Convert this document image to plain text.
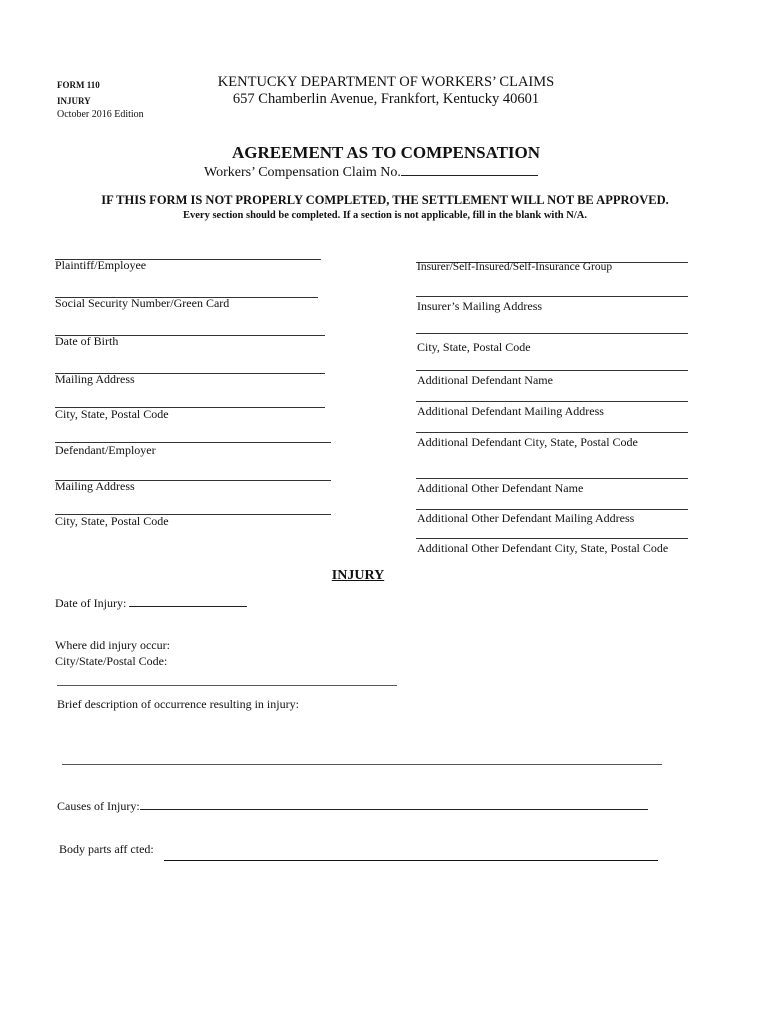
FORM 110
INJURY
October 2016 Edition
KENTUCKY DEPARTMENT OF WORKERS’ CLAIMS
657 Chamberlin Avenue, Frankfort, Kentucky 40601
AGREEMENT AS TO COMPENSATION
Workers’ Compensation Claim No.
IF THIS FORM IS NOT PROPERLY COMPLETED, THE SETTLEMENT WILL NOT BE APPROVED.
Every section should be completed. If a section is not applicable, fill in the blank with N/A.
Plaintiff/Employee
Social Security Number/Green Card
Date of Birth
Mailing Address
City, State, Postal Code
Defendant/Employer
Mailing Address
City, State, Postal Code
Insurer/Self-Insured/Self-Insurance Group
Insurer’s Mailing Address
City, State, Postal Code
Additional Defendant Name
Additional Defendant Mailing Address
Additional Defendant City, State, Postal Code
Additional Other Defendant Name
Additional Other Defendant Mailing Address
Additional Other Defendant City, State, Postal Code
INJURY
Date of Injury:
Where did injury occur:
City/State/Postal Code:
Brief description of occurrence resulting in injury:
Causes of Injury:
Body parts aff cted:
